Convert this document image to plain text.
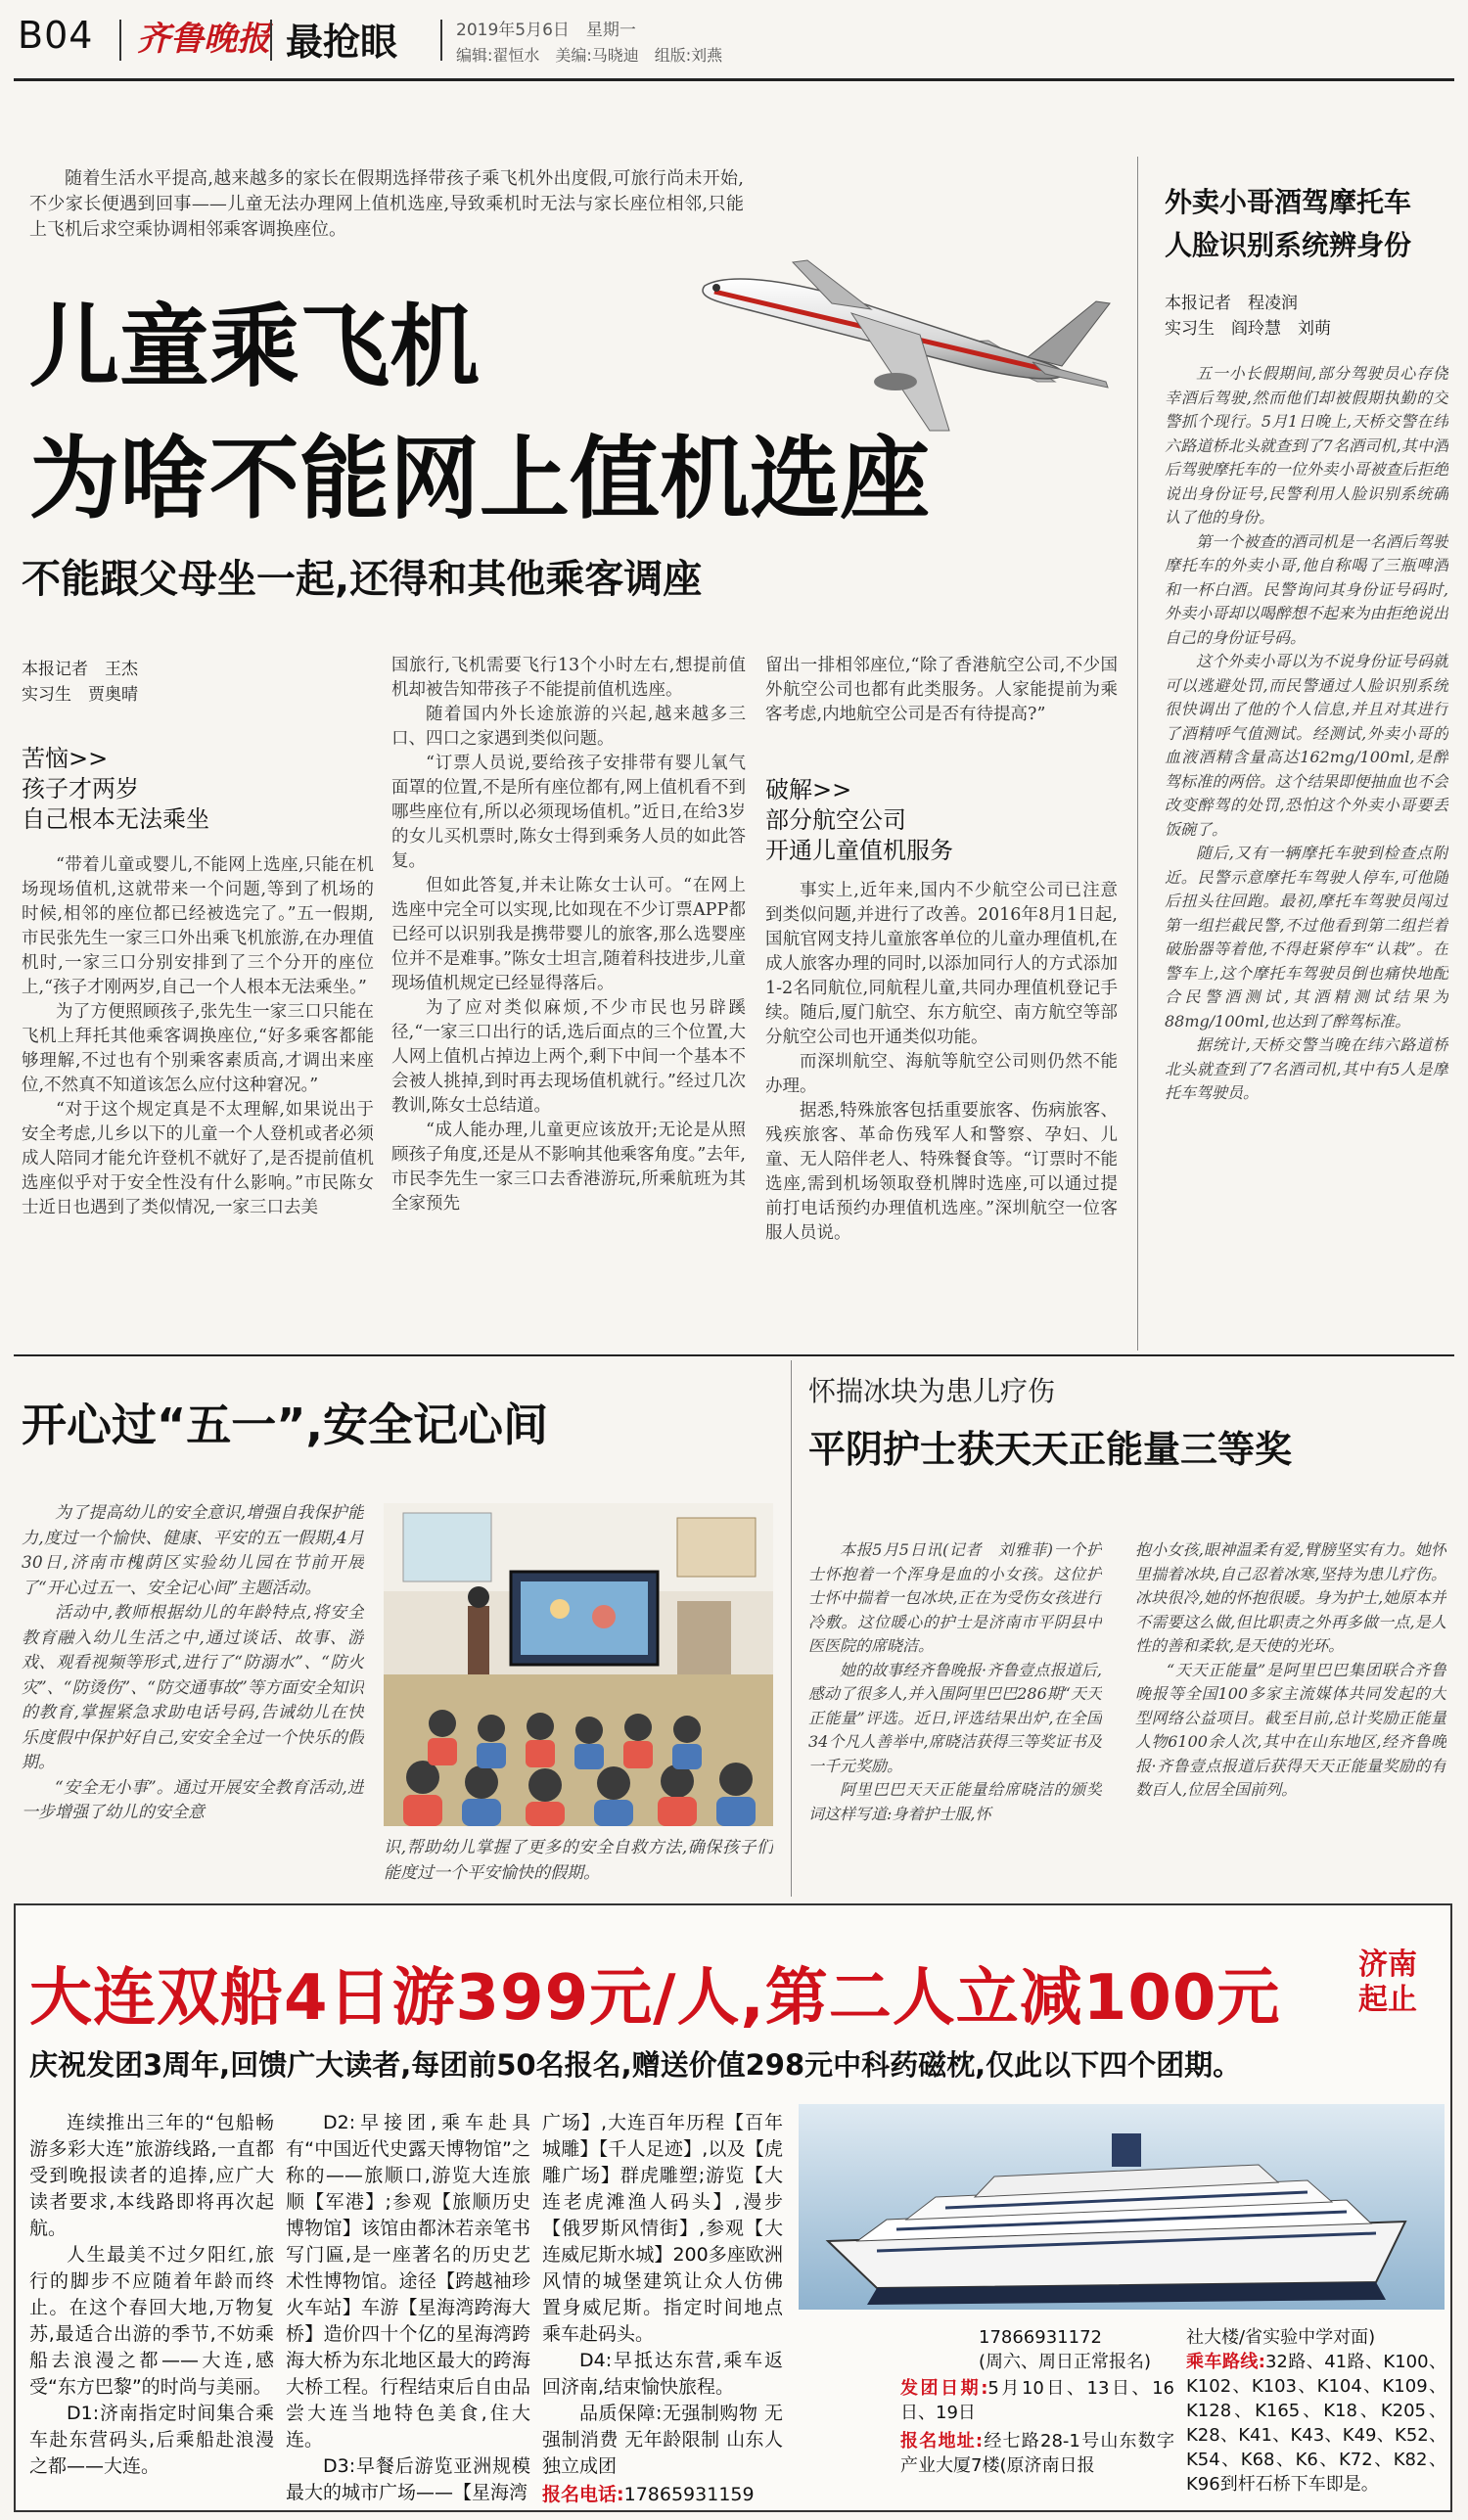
B04 齐鲁晚报 最抢眼	2019年5月6日　星期一
编辑:翟恒水　美编:马晓迪　组版:刘燕
随着生活水平提高,越来越多的家长在假期选择带孩子乘飞机外出度假,可旅行尚未开始,不少家长便遇到回事——儿童无法办理网上值机选座,导致乘机时无法与家长座位相邻,只能上飞机后求空乘协调相邻乘客调换座位。
儿童乘飞机
为啥不能网上值机选座
不能跟父母坐一起,还得和其他乘客调座
本报记者　王杰
实习生　贾奥晴
苦恼>>
孩子才两岁
自己根本无法乘坐

“带着儿童或婴儿,不能网上选座,只能在机场现场值机,这就带来一个问题,等到了机场的时候,相邻的座位都已经被选完了。”五一假期,市民张先生一家三口外出乘飞机旅游,在办理值机时,一家三口分别安排到了三个分开的座位上,“孩子才刚两岁,自己一个人根本无法乘坐。”

为了方便照顾孩子,张先生一家三口只能在飞机上拜托其他乘客调换座位,“好多乘客都能够理解,不过也有个别乘客素质高,才调出来座位,不然真不知道该怎么应付这种窘况。”

“对于这个规定真是不太理解,如果说出于安全考虑,儿乡以下的儿童一个人登机或者必须成人陪同才能允许登机不就好了,是否提前值机选座似乎对于安全性没有什么影响。”市民陈女士近日也遇到了类似情况,一家三口去美

国旅行,飞机需要飞行13个小时左右,想提前值机却被告知带孩子不能提前值机选座。

随着国内外长途旅游的兴起,越来越多三口、四口之家遇到类似问题。

“订票人员说,要给孩子安排带有婴儿氧气面罩的位置,不是所有座位都有,网上值机看不到哪些座位有,所以必须现场值机。”近日,在给3岁的女儿买机票时,陈女士得到乘务人员的如此答复。

但如此答复,并未让陈女士认可。“在网上选座中完全可以实现,比如现在不少订票APP都已经可以识别我是携带婴儿的旅客,那么选婴座位并不是难事。”陈女士坦言,随着科技进步,儿童现场值机规定已经显得落后。

为了应对类似麻烦,不少市民也另辟蹊径,“一家三口出行的话,选后面点的三个位置,大人网上值机占掉边上两个,剩下中间一个基本不会被人挑掉,到时再去现场值机就行。”经过几次教训,陈女士总结道。

“成人能办理,儿童更应该放开;无论是从照顾孩子角度,还是从不影响其他乘客角度。”去年,市民李先生一家三口去香港游玩,所乘航班为其全家预先

留出一排相邻座位,“除了香港航空公司,不少国外航空公司也都有此类服务。人家能提前为乘客考虑,内地航空公司是否有待提高?”

破解>>
部分航空公司
开通儿童值机服务

事实上,近年来,国内不少航空公司已注意到类似问题,并进行了改善。2016年8月1日起,国航官网支持儿童旅客单位的儿童办理值机,在成人旅客办理的同时,以添加同行人的方式添加1-2名同航位,同航程儿童,共同办理值机登记手续。随后,厦门航空、东方航空、南方航空等部分航空公司也开通类似功能。

而深圳航空、海航等航空公司则仍然不能办理。

据悉,特殊旅客包括重要旅客、伤病旅客、残疾旅客、革命伤残军人和警察、孕妇、儿童、无人陪伴老人、特殊餐食等。“订票时不能选座,需到机场领取登机牌时选座,可以通过提前打电话预约办理值机选座。”深圳航空一位客服人员说。

外卖小哥酒驾摩托车
人脸识别系统辨身份
本报记者　程凌润
实习生　阎玲慧　刘萌

五一小长假期间,部分驾驶员心存侥幸酒后驾驶,然而他们却被假期执勤的交警抓个现行。5月1日晚上,天桥交警在纬六路道桥北头就查到了7名酒司机,其中酒后驾驶摩托车的一位外卖小哥被查后拒绝说出身份证号,民警利用人脸识别系统确认了他的身份。

第一个被查的酒司机是一名酒后驾驶摩托车的外卖小哥,他自称喝了三瓶啤酒和一杯白酒。民警询问其身份证号码时,外卖小哥却以喝醉想不起来为由拒绝说出自己的身份证号码。

这个外卖小哥以为不说身份证号码就可以逃避处罚,而民警通过人脸识别系统很快调出了他的个人信息,并且对其进行了酒精呼气值测试。经测试,外卖小哥的血液酒精含量高达162mg/100ml,是醉驾标准的两倍。这个结果即便抽血也不会改变醉驾的处罚,恐怕这个外卖小哥要丢饭碗了。

随后,又有一辆摩托车驶到检查点附近。民警示意摩托车驾驶人停车,可他随后扭头往回跑。最初,摩托车驾驶员闯过第一组拦截民警,不过他看到第二组拦着破胎器等着他,不得赶紧停车“认栽”。在警车上,这个摩托车驾驶员倒也痛快地配合民警酒测试,其酒精测试结果为88mg/100ml,也达到了醉驾标准。

据统计,天桥交警当晚在纬六路道桥北头就查到了7名酒司机,其中有5人是摩托车驾驶员。

开心过“五一”,安全记心间

为了提高幼儿的安全意识,增强自我保护能力,度过一个愉快、健康、平安的五一假期,4月30日,济南市槐荫区实验幼儿园在节前开展了“开心过五一、安全记心间”主题活动。

活动中,教师根据幼儿的年龄特点,将安全教育融入幼儿生活之中,通过谈话、故事、游戏、观看视频等形式,进行了“防溺水”、“防火灾”、“防烫伤”、“防交通事故”等方面安全知识的教育,掌握紧急求助电话号码,告诫幼儿在快乐度假中保护好自己,安安全全过一个快乐的假期。

“安全无小事”。通过开展安全教育活动,进一步增强了幼儿的安全意

识,帮助幼儿掌握了更多的安全自救方法,确保孩子们能度过一个平安愉快的假期。

怀揣冰块为患儿疗伤
平阴护士获天天正能量三等奖

本报5月5日讯(记者　刘雅菲)一个护士怀抱着一个浑身是血的小女孩。这位护士怀中揣着一包冰块,正在为受伤女孩进行冷敷。这位暖心的护士是济南市平阴县中医医院的席晓洁。

她的故事经齐鲁晚报·齐鲁壹点报道后,感动了很多人,并入围阿里巴巴286期“天天正能量”评选。近日,评选结果出炉,在全国34个凡人善举中,席晓洁获得三等奖证书及一千元奖励。

阿里巴巴天天正能量给席晓洁的颁奖词这样写道:身着护士服,怀

抱小女孩,眼神温柔有爱,臂膀坚实有力。她怀里揣着冰块,自己忍着冰寒,坚持为患儿疗伤。冰块很冷,她的怀抱很暖。身为护士,她原本并不需要这么做,但比职责之外再多做一点,是人性的善和柔软,是天使的光环。

“天天正能量”是阿里巴巴集团联合齐鲁晚报等全国100多家主流媒体共同发起的大型网络公益项目。截至目前,总计奖励正能量人物6100余人次,其中在山东地区,经齐鲁晚报·齐鲁壹点报道后获得天天正能量奖励的有数百人,位居全国前列。

大连双船4日游399元/人,第二人立减100元	济南
起止
庆祝发团3周年,回馈广大读者,每团前50名报名,赠送价值298元中科药磁枕,仅此以下四个团期。

连续推出三年的“包船畅游多彩大连”旅游线路,一直都受到晚报读者的追捧,应广大读者要求,本线路即将再次起航。

人生最美不过夕阳红,旅行的脚步不应随着年龄而终止。在这个春回大地,万物复苏,最适合出游的季节,不妨乘船去浪漫之都——大连,感受“东方巴黎”的时尚与美丽。

D1:济南指定时间集合乘车赴东营码头,后乘船赴浪漫之都——大连。

D2:早接团,乘车赴具有“中国近代史露天博物馆”之称的——旅顺口,游览大连旅顺【军港】;参观【旅顺历史博物馆】该馆由都沐若亲笔书写门匾,是一座著名的历史艺术性博物馆。途径【跨越袖珍火车站】车游【星海湾跨海大桥】造价四十个亿的星海湾跨海大桥为东北地区最大的跨海大桥工程。行程结束后自由品尝大连当地特色美食,住大连。

D3:早餐后游览亚洲规模最大的城市广场——【星海湾

广场】,大连百年历程【百年城雕】【千人足迹】,以及【虎雕广场】群虎雕塑;游览【大连老虎滩渔人码头】,漫步【俄罗斯风情街】,参观【大连威尼斯水城】200多座欧洲风情的城堡建筑让众人仿佛置身威尼斯。指定时间地点乘车赴码头。

D4:早抵达东营,乘车返回济南,结束愉快旅程。

品质保障:无强制购物 无强制消费 无年龄限制 山东人独立成团

报名电话:17865931159
17866931172
(周六、周日正常报名)
发团日期:5月10日、13日、16日、19日
报名地址:经七路28-1号山东数字产业大厦7楼(原济南日报
社大楼/省实验中学对面)
乘车路线:32路、41路、K100、K102、K103、K104、K109、K128、K165、K18、K205、K28、K41、K43、K49、K52、K54、K68、K6、K72、K82、K96到杆石桥下车即是。
